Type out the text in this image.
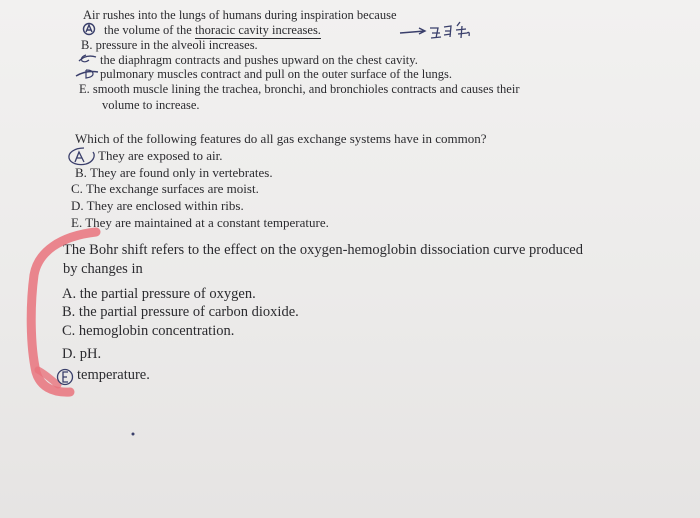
Air rushes into the lungs of humans during inspiration because
the volume of the thoracic cavity increases.
B. pressure in the alveoli increases.
the diaphragm contracts and pushes upward on the chest cavity.
pulmonary muscles contract and pull on the outer surface of the lungs.
E. smooth muscle lining the trachea, bronchi, and bronchioles contracts and causes their
volume to increase.
Which of the following features do all gas exchange systems have in common?
They are exposed to air.
B. They are found only in vertebrates.
C. The exchange surfaces are moist.
D. They are enclosed within ribs.
E. They are maintained at a constant temperature.
The Bohr shift refers to the effect on the oxygen-hemoglobin dissociation curve produced
by changes in
A. the partial pressure of oxygen.
B. the partial pressure of carbon dioxide.
C. hemoglobin concentration.
D. pH.
temperature.
